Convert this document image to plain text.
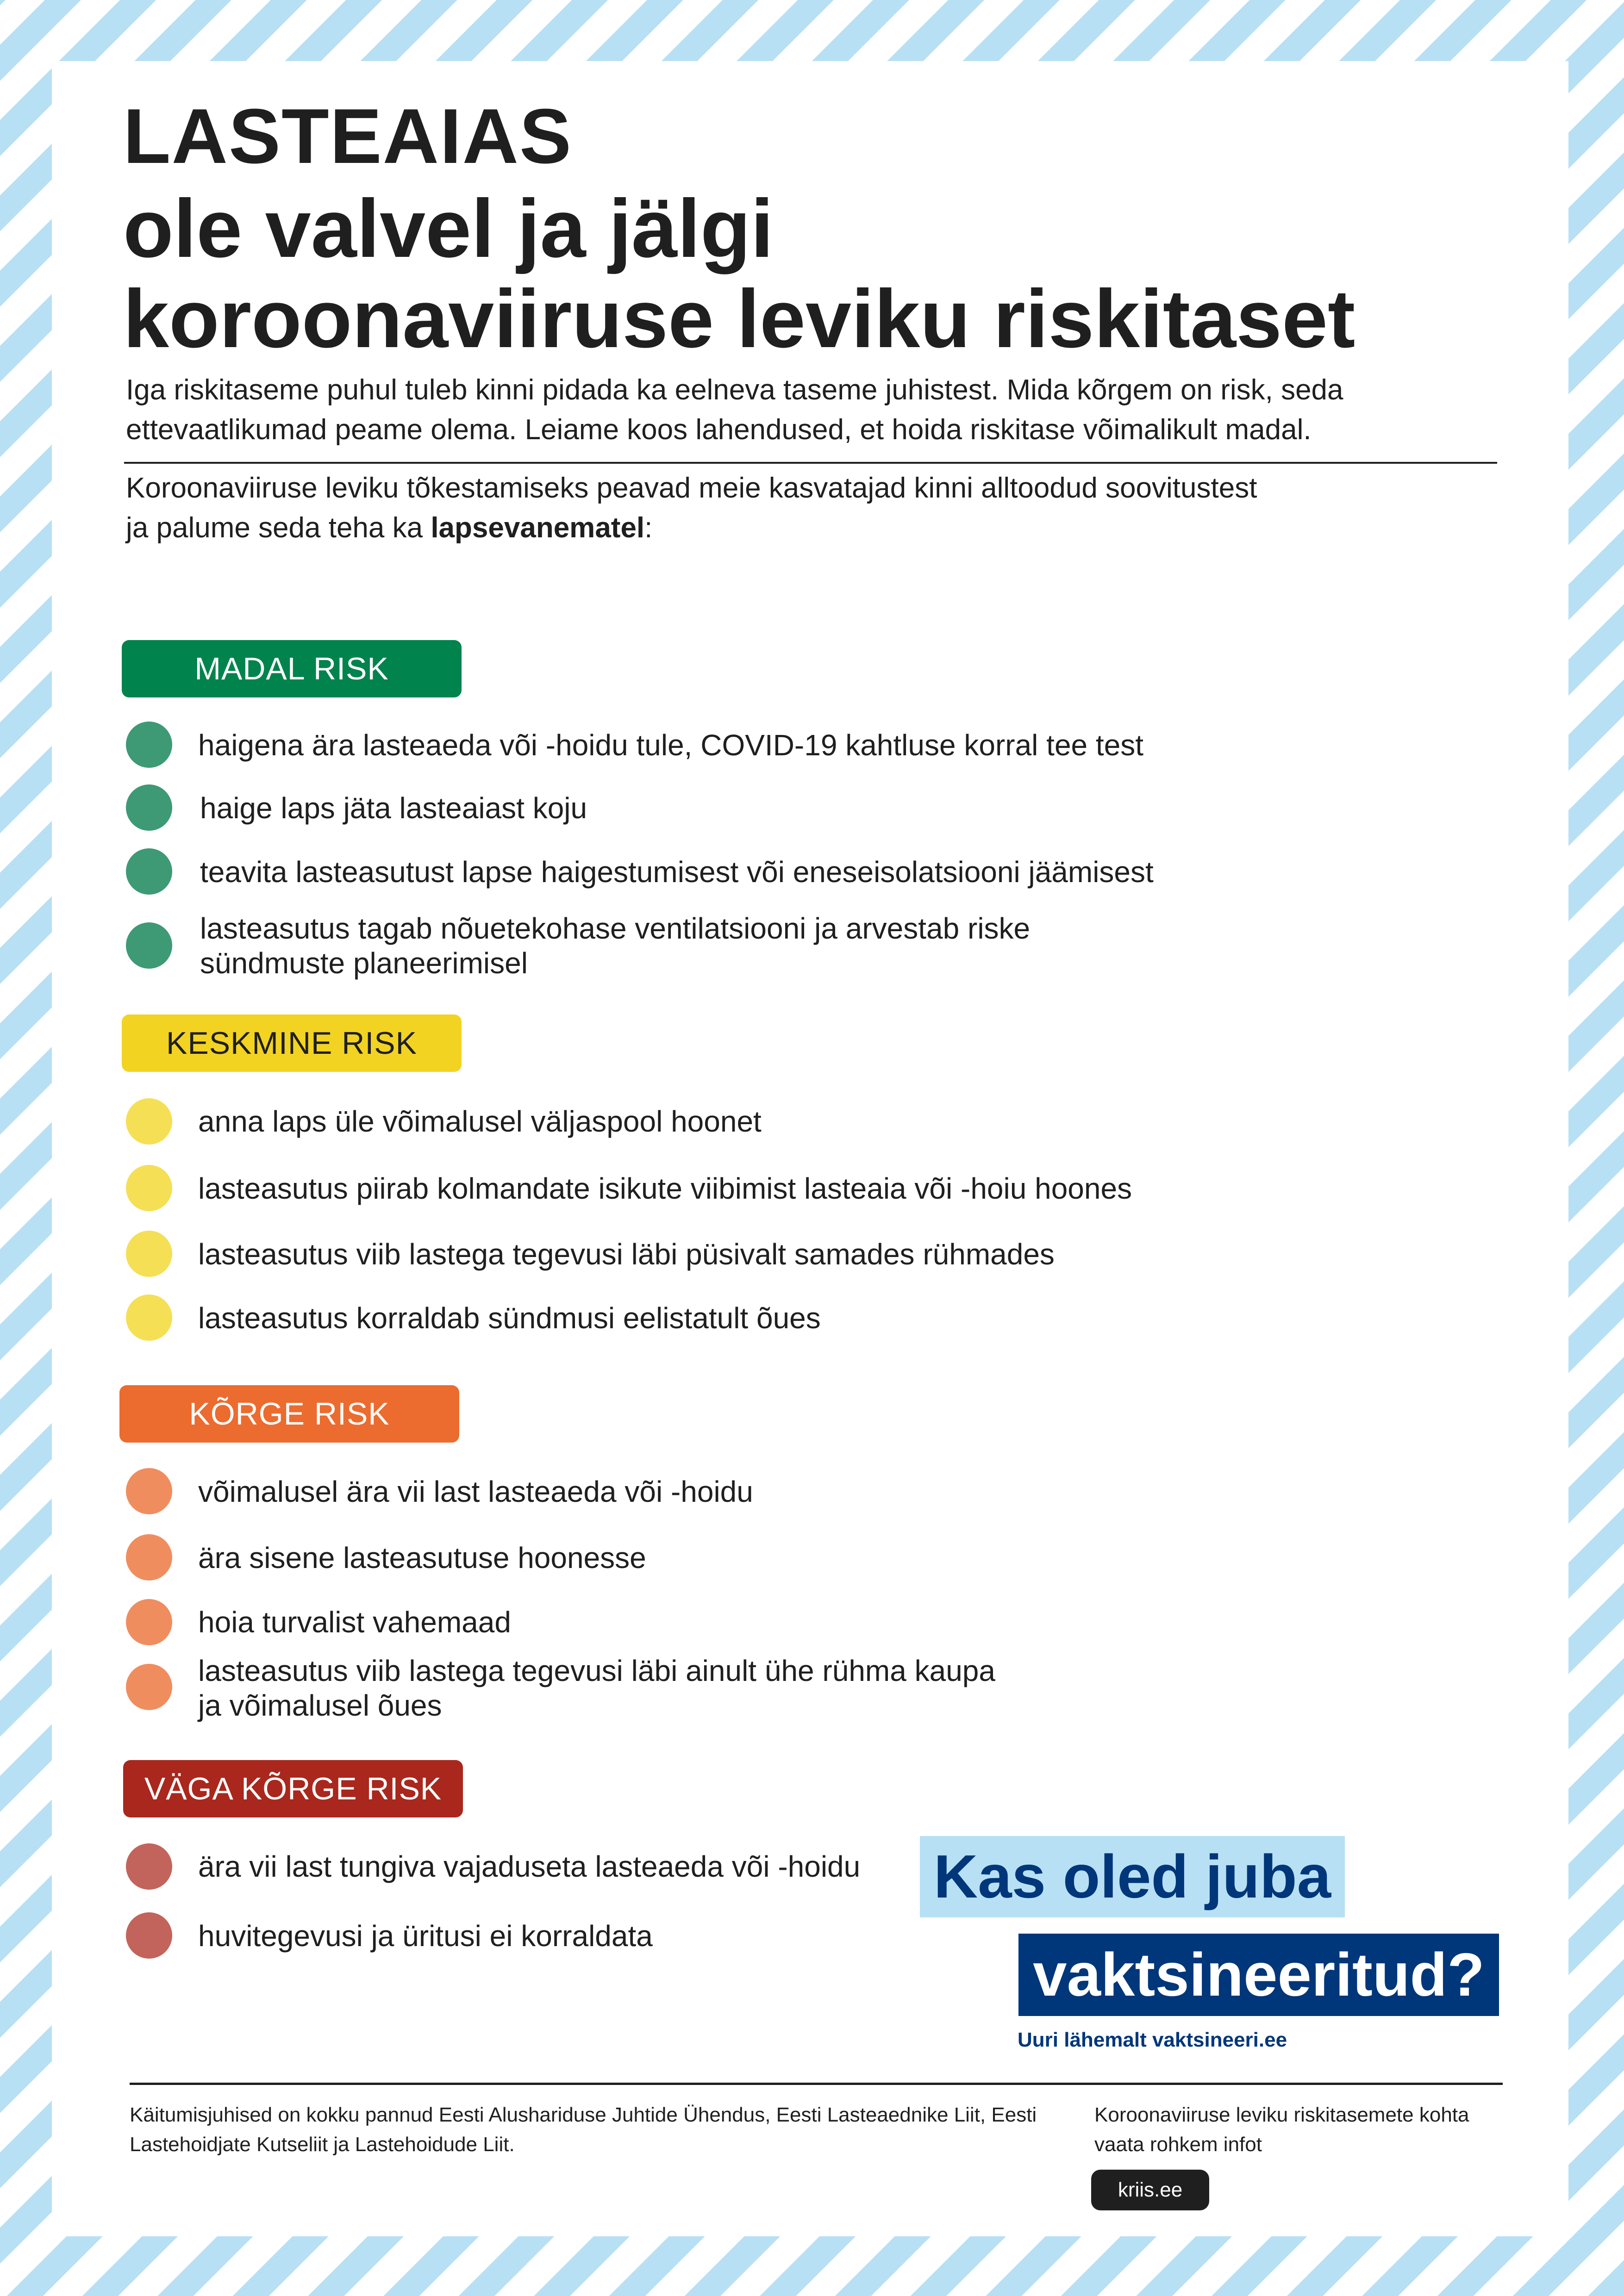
LASTEAIAS
ole valvel ja jälgi
koroonaviiruse leviku riskitaset
Iga riskitaseme puhul tuleb kinni pidada ka eelneva taseme juhistest. Mida kõrgem on risk, seda ettevaatlikumad peame olema. Leiame koos lahendused, et hoida riskitase võimalikult madal.
Koroonaviiruse leviku tõkestamiseks peavad meie kasvatajad kinni alltoodud soovitustest ja palume seda teha ka lapsevanematel:
MADAL RISK
haigena ära lasteaeda või -hoidu tule, COVID-19 kahtluse korral tee test
haige laps jäta lasteaiast koju
teavita lasteasutust lapse haigestumisest või eneseisolatsiooni jäämisest
lasteasutus tagab nõuetekohase ventilatsiooni ja arvestab riske
sündmuste planeerimisel
KESKMINE RISK
anna laps üle võimalusel väljaspool hoonet
lasteasutus piirab kolmandate isikute viibimist lasteaia või -hoiu hoones
lasteasutus viib lastega tegevusi läbi püsivalt samades rühmades
lasteasutus korraldab sündmusi eelistatult õues
KÕRGE RISK
võimalusel ära vii last lasteaeda või -hoidu
ära sisene lasteasutuse hoonesse
hoia turvalist vahemaad
lasteasutus viib lastega tegevusi läbi ainult ühe rühma kaupa
ja võimalusel õues
VÄGA KÕRGE RISK
ära vii last tungiva vajaduseta lasteaeda või -hoidu
huvitegevusi ja üritusi ei korraldata
Kas oled juba
vaktsineeritud?
Uuri lähemalt vaktsineeri.ee
Käitumisjuhised on kokku pannud Eesti Alushariduse Juhtide Ühendus, Eesti Lasteaednike Liit, Eesti Lastehoidjate Kutseliit ja Lastehoidude Liit.
Koroonaviiruse leviku riskitasemete kohta vaata rohkem infot
kriis.ee
